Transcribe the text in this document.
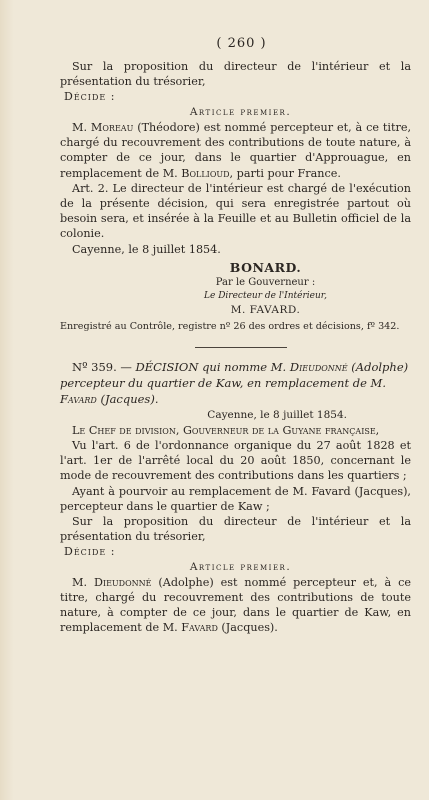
( 260 )

Sur la proposition du directeur de l'intérieur et la présentation du trésorier,

Décide :
Article premier.

M. Moreau (Théodore) est nommé percepteur et, à ce titre, chargé du recouvrement des contributions de toute nature, à compter de ce jour, dans le quartier d'Approuague, en remplacement de M. Bollioud, parti pour France.

Art. 2. Le directeur de l'intérieur est chargé de l'exécution de la présente décision, qui sera enregistrée partout où besoin sera, et insérée à la Feuille et au Bulletin officiel de la colonie.

Cayenne, le 8 juillet 1854.

BONARD.
Par le Gouverneur :
Le Directeur de l'Intérieur,
M. FAVARD.

Enregistré au Contrôle, registre nº 26 des ordres et décisions, fº 342.

Nº 359. — DÉCISION qui nomme M. Dieudonné (Adolphe) percepteur du quartier de Kaw, en remplacement de M. Favard (Jacques).

Cayenne, le 8 juillet 1854.

Le Chef de division, Gouverneur de la Guyane française,

Vu l'art. 6 de l'ordonnance organique du 27 août 1828 et l'art. 1er de l'arrêté local du 20 août 1850, concernant le mode de recouvrement des contributions dans les quartiers ;

Ayant à pourvoir au remplacement de M. Favard (Jacques), percepteur dans le quartier de Kaw ;

Sur la proposition du directeur de l'intérieur et la présentation du trésorier,

Décide :
Article premier.

M. Dieudonné (Adolphe) est nommé percepteur et, à ce titre, chargé du recouvrement des contributions de toute nature, à compter de ce jour, dans le quartier de Kaw, en remplacement de M. Favard (Jacques).
